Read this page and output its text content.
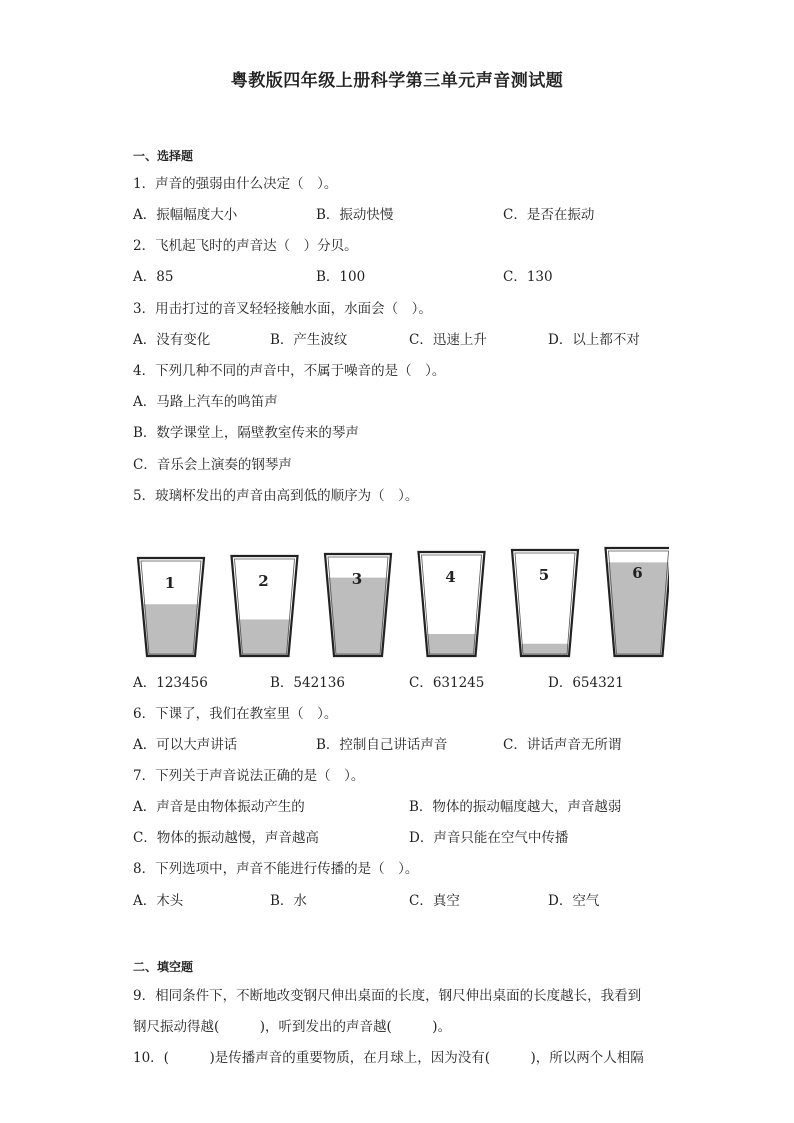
粤教版四年级上册科学第三单元声音测试题
一、选择题
1．声音的强弱由什么决定（　）。
A．振幅幅度大小	B．振动快慢	C．是否在振动
2．飞机起飞时的声音达（　）分贝。
A．85	B．100	C．130
3．用击打过的音叉轻轻接触水面，水面会（　）。
A．没有变化	B．产生波纹	C．迅速上升	D．以上都不对
4．下列几种不同的声音中，不属于噪音的是（　）。
A．马路上汽车的鸣笛声
B．数学课堂上，隔壁教室传来的琴声
C．音乐会上演奏的钢琴声
5．玻璃杯发出的声音由高到低的顺序为（　）。
1	2	3	4	5	6
A．123456	B．542136	C．631245	D．654321
6．下课了，我们在教室里（　）。
A．可以大声讲话	B．控制自己讲话声音	C．讲话声音无所谓
7．下列关于声音说法正确的是（　）。
A．声音是由物体振动产生的	B．物体的振动幅度越大，声音越弱
C．物体的振动越慢，声音越高	D．声音只能在空气中传播
8．下列选项中，声音不能进行传播的是（　）。
A．木头	B．水	C．真空	D．空气
二、填空题
9．相同条件下，不断地改变钢尺伸出桌面的长度，钢尺伸出桌面的长度越长，我看到
钢尺振动得越(　　　)，听到发出的声音越(　　　)。
10．(　　　)是传播声音的重要物质，在月球上，因为没有(　　　)，所以两个人相隔
